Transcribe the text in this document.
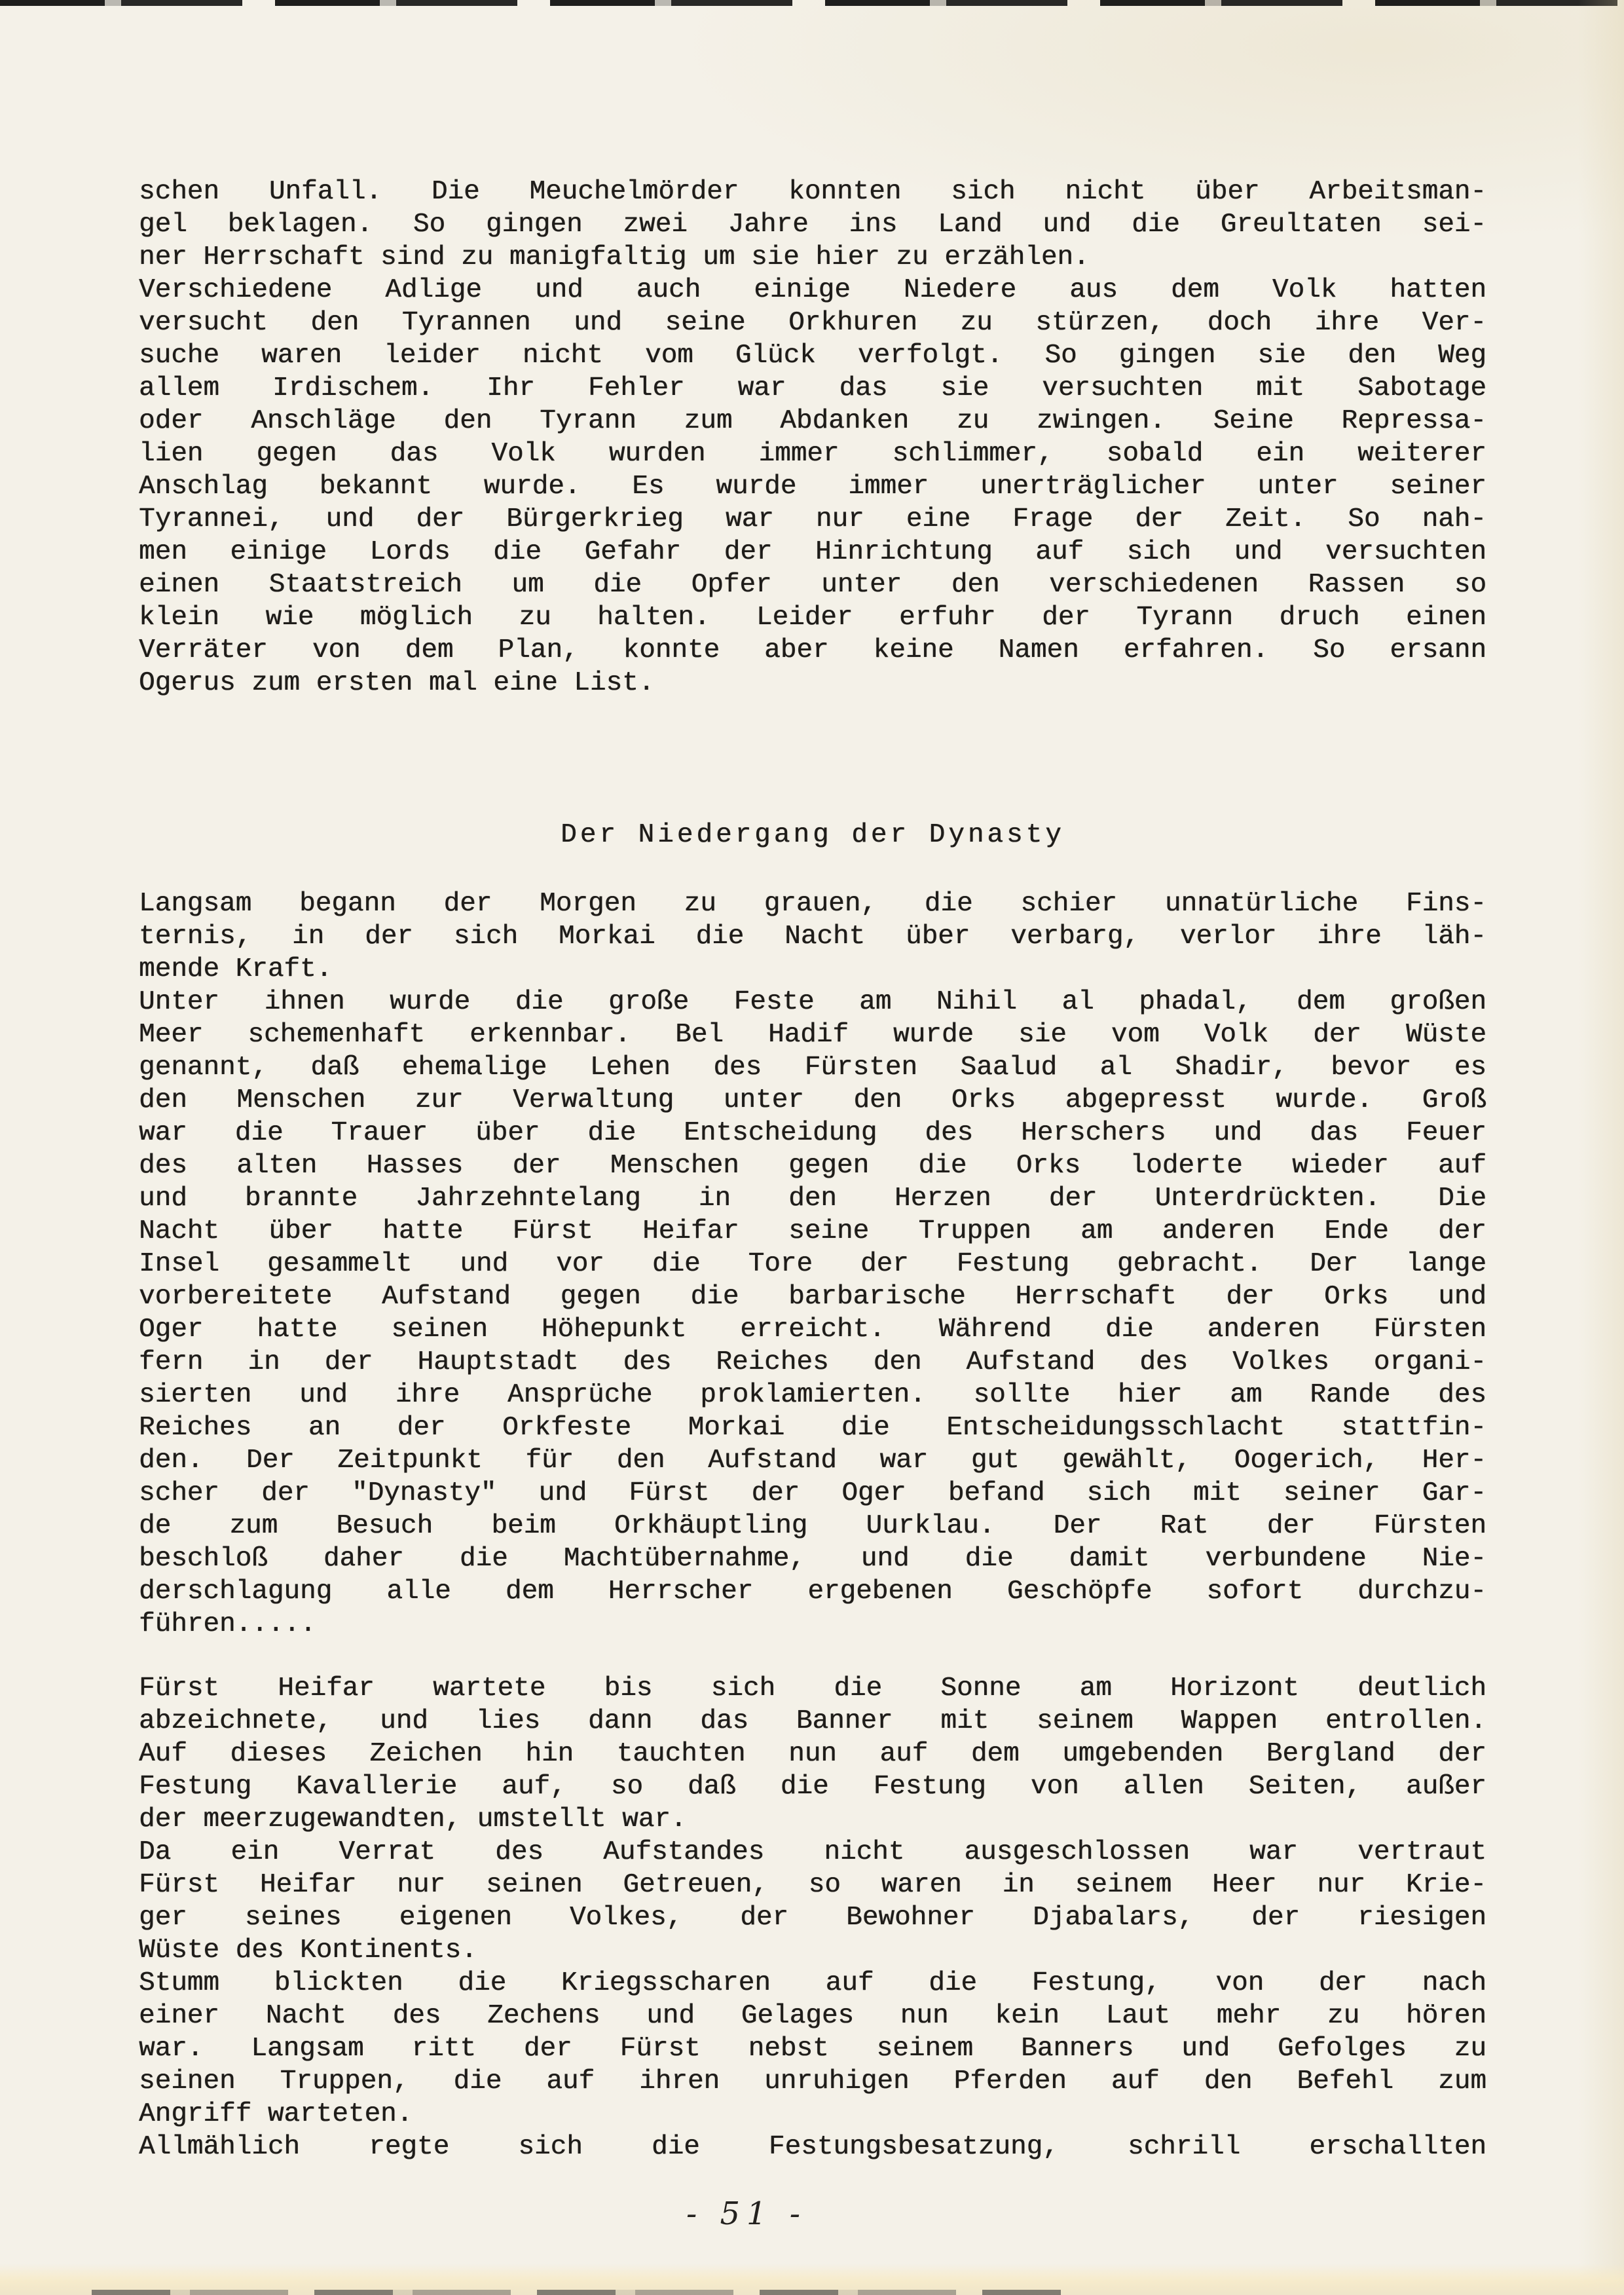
schen Unfall. Die Meuchelmörder konnten sich nicht über Arbeitsman-
gel beklagen. So gingen zwei Jahre ins Land und die Greultaten sei-
ner Herrschaft sind zu manigfaltig um sie hier zu erzählen.
Verschiedene Adlige und auch einige Niedere aus dem Volk hatten
versucht den Tyrannen und seine Orkhuren zu stürzen, doch ihre Ver-
suche waren leider nicht vom Glück verfolgt. So gingen sie den Weg
allem Irdischem. Ihr Fehler war das sie versuchten mit Sabotage
oder Anschläge den Tyrann zum Abdanken zu zwingen. Seine Repressa-
lien gegen das Volk wurden immer schlimmer, sobald ein weiterer
Anschlag bekannt wurde. Es wurde immer unerträglicher unter seiner
Tyrannei, und der Bürgerkrieg war nur eine Frage der Zeit. So nah-
men einige Lords die Gefahr der Hinrichtung auf sich und versuchten
einen Staatstreich um die Opfer unter den verschiedenen Rassen so
klein wie möglich zu halten. Leider erfuhr der Tyrann druch einen
Verräter von dem Plan, konnte aber keine Namen erfahren. So ersann
Ogerus zum ersten mal eine List.
Der Niedergang der Dynasty
Langsam begann der Morgen zu grauen, die schier unnatürliche Fins-
ternis, in der sich Morkai die Nacht über verbarg, verlor ihre läh-
mende Kraft.
Unter ihnen wurde die große Feste am Nihil al phadal, dem großen
Meer schemenhaft erkennbar. Bel Hadif wurde sie vom Volk der Wüste
genannt, daß ehemalige Lehen des Fürsten Saalud al Shadir, bevor es
den Menschen zur Verwaltung unter den Orks abgepresst wurde. Groß
war die Trauer über die Entscheidung des Herschers und das Feuer
des alten Hasses der Menschen gegen die Orks loderte wieder auf
und brannte Jahrzehntelang in den Herzen der Unterdrückten. Die
Nacht über hatte Fürst Heifar seine Truppen am anderen Ende der
Insel gesammelt und vor die Tore der Festung gebracht. Der lange
vorbereitete Aufstand gegen die barbarische Herrschaft der Orks und
Oger hatte seinen Höhepunkt erreicht. Während die anderen Fürsten
fern in der Hauptstadt des Reiches den Aufstand des Volkes organi-
sierten und ihre Ansprüche proklamierten. sollte hier am Rande des
Reiches an der Orkfeste Morkai die Entscheidungsschlacht stattfin-
den. Der Zeitpunkt für den Aufstand war gut gewählt, Oogerich, Her-
scher der "Dynasty" und Fürst der Oger befand sich mit seiner Gar-
de zum Besuch beim Orkhäuptling Uurklau. Der Rat der Fürsten
beschloß daher die Machtübernahme, und die damit verbundene Nie-
derschlagung alle dem Herrscher ergebenen Geschöpfe sofort durchzu-
führen.....
Fürst Heifar wartete bis sich die Sonne am Horizont deutlich
abzeichnete, und lies dann das Banner mit seinem Wappen entrollen.
Auf dieses Zeichen hin tauchten nun auf dem umgebenden Bergland der
Festung Kavallerie auf, so daß die Festung von allen Seiten, außer
der meerzugewandten, umstellt war.
Da ein Verrat des Aufstandes nicht ausgeschlossen war vertraut
Fürst Heifar nur seinen Getreuen, so waren in seinem Heer nur Krie-
ger seines eigenen Volkes, der Bewohner Djabalars, der riesigen
Wüste des Kontinents.
Stumm blickten die Kriegsscharen auf die Festung, von der nach
einer Nacht des Zechens und Gelages nun kein Laut mehr zu hören
war. Langsam ritt der Fürst nebst seinem Banners und Gefolges zu
seinen Truppen, die auf ihren unruhigen Pferden auf den Befehl zum
Angriff warteten.
Allmählich regte sich die Festungsbesatzung, schrill erschallten
- 51 -
